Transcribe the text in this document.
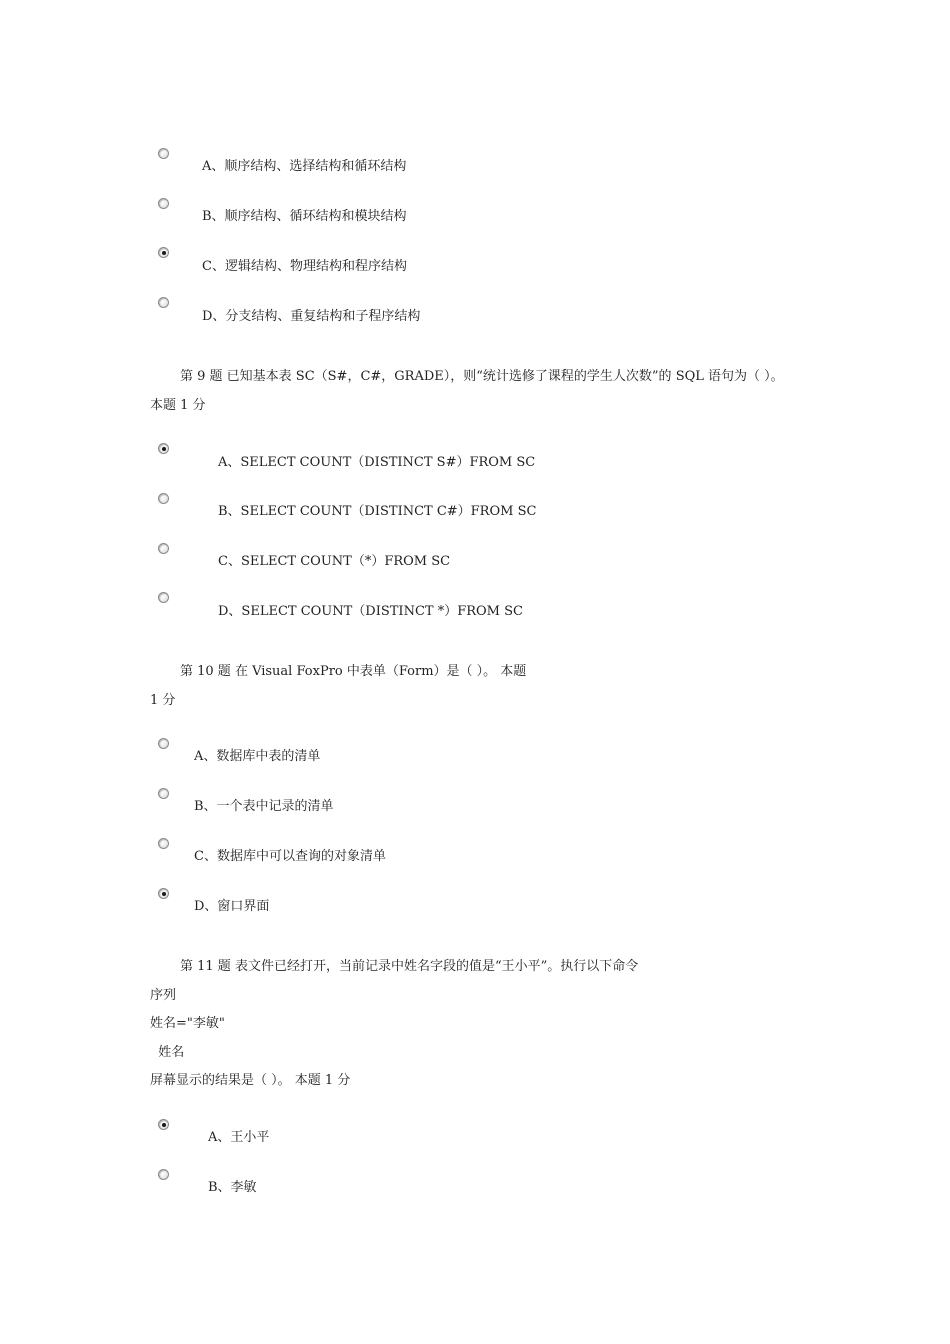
A、顺序结构、选择结构和循环结构
B、顺序结构、循环结构和模块结构
C、逻辑结构、物理结构和程序结构
D、分支结构、重复结构和子程序结构
第 9 题 已知基本表 SC（S#，C#，GRADE），则“统计选修了课程的学生人次数”的 SQL 语句为（ ）。
本题 1 分
A、SELECT COUNT（DISTINCT S#）FROM SC
B、SELECT COUNT（DISTINCT C#）FROM SC
C、SELECT COUNT（*）FROM SC
D、SELECT COUNT（DISTINCT *）FROM SC
第 10 题 在 Visual FoxPro 中表单（Form）是（ ）。 本题
1 分
A、数据库中表的清单
B、一个表中记录的清单
C、数据库中可以查询的对象清单
D、窗口界面
第 11 题 表文件已经打开，当前记录中姓名字段的值是“王小平”。执行以下命令
序列
姓名="李敏"
姓名
屏幕显示的结果是（ ）。 本题 1 分
A、王小平
B、李敏
